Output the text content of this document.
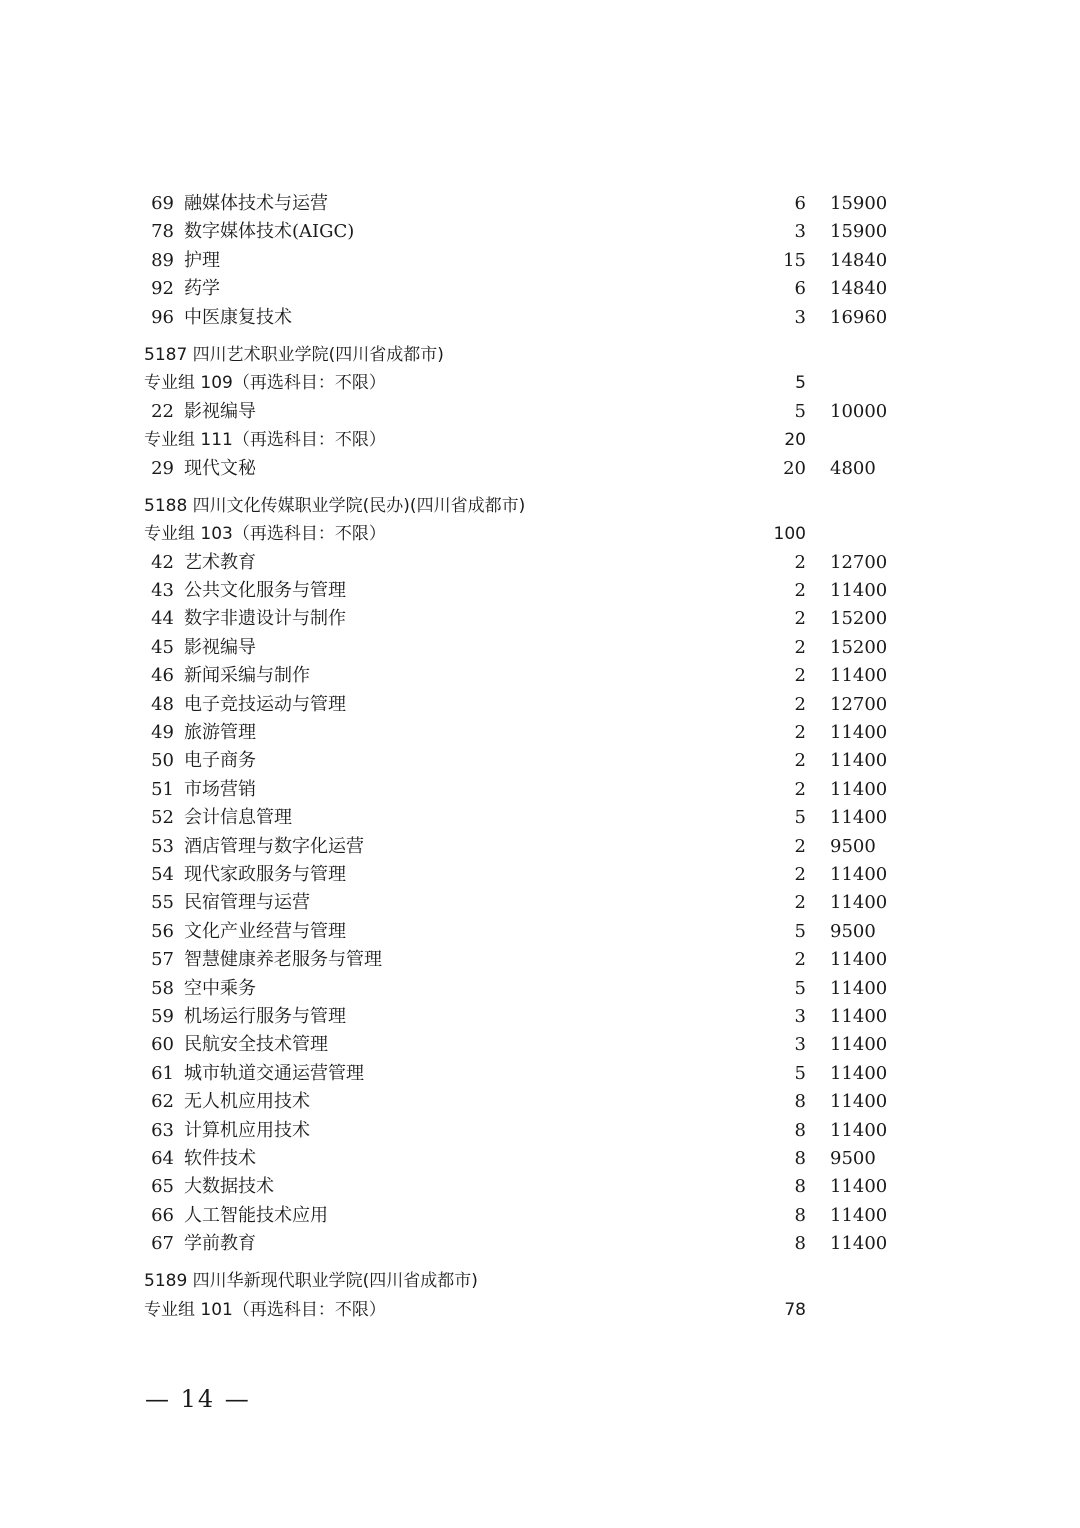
69 融媒体技术与运营	6 15900
78 数字媒体技术(AIGC)	3 15900
89 护理	15 14840
92 药学	6 14840
96 中医康复技术	3 16960
5187 四川艺术职业学院(四川省成都市)
专业组 109（再选科目：不限）	5
22 影视编导	5 10000
专业组 111（再选科目：不限）	20
29 现代文秘	20 4800
5188 四川文化传媒职业学院(民办)(四川省成都市)
专业组 103（再选科目：不限）	100
42 艺术教育	2 12700
43 公共文化服务与管理	2 11400
44 数字非遗设计与制作	2 15200
45 影视编导	2 15200
46 新闻采编与制作	2 11400
48 电子竞技运动与管理	2 12700
49 旅游管理	2 11400
50 电子商务	2 11400
51 市场营销	2 11400
52 会计信息管理	5 11400
53 酒店管理与数字化运营	2 9500
54 现代家政服务与管理	2 11400
55 民宿管理与运营	2 11400
56 文化产业经营与管理	5 9500
57 智慧健康养老服务与管理	2 11400
58 空中乘务	5 11400
59 机场运行服务与管理	3 11400
60 民航安全技术管理	3 11400
61 城市轨道交通运营管理	5 11400
62 无人机应用技术	8 11400
63 计算机应用技术	8 11400
64 软件技术	8 9500
65 大数据技术	8 11400
66 人工智能技术应用	8 11400
67 学前教育	8 11400
5189 四川华新现代职业学院(四川省成都市)
专业组 101（再选科目：不限）	78
— 14 —
